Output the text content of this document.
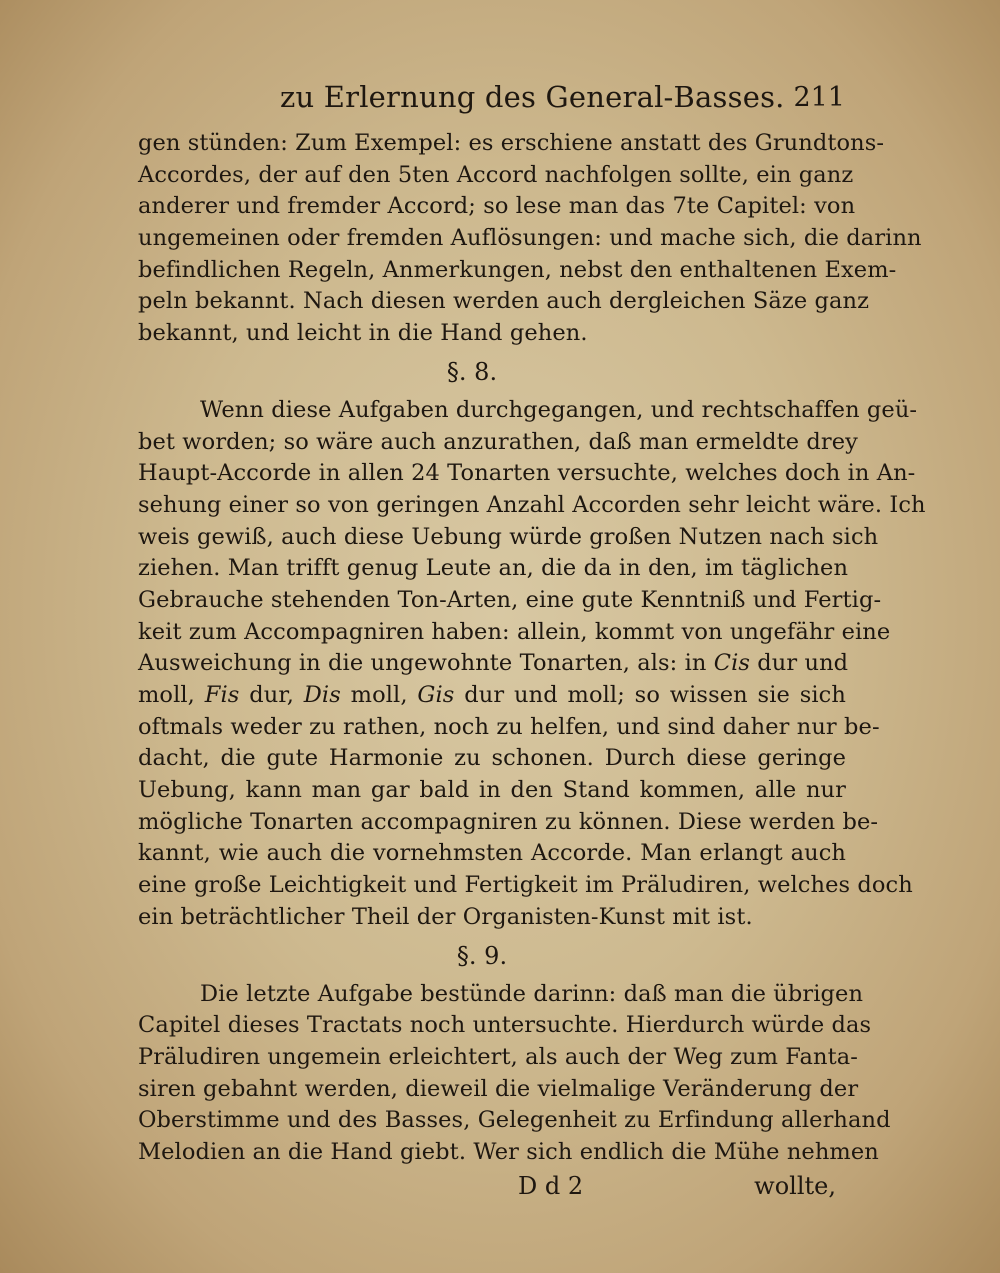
zu Erlernung des General-Basses. 211
gen stünden: Zum Exempel: es erschiene anstatt des Grundtons-
Accordes, der auf den 5ten Accord nachfolgen sollte, ein ganz
anderer und fremder Accord; so lese man das 7te Capitel: von
ungemeinen oder fremden Auflösungen: und mache sich, die darinn
befindlichen Regeln, Anmerkungen, nebst den enthaltenen Exem-
peln bekannt. Nach diesen werden auch dergleichen Säze ganz
bekannt, und leicht in die Hand gehen.
§. 8.
Wenn diese Aufgaben durchgegangen, und rechtschaffen geü-
bet worden; so wäre auch anzurathen, daß man ermeldte drey
Haupt-Accorde in allen 24 Tonarten versuchte, welches doch in An-
sehung einer so von geringen Anzahl Accorden sehr leicht wäre. Ich
weis gewiß, auch diese Uebung würde großen Nutzen nach sich
ziehen. Man trifft genug Leute an, die da in den, im täglichen
Gebrauche stehenden Ton-Arten, eine gute Kenntniß und Fertig-
keit zum Accompagniren haben: allein, kommt von ungefähr eine
Ausweichung in die ungewohnte Tonarten, als: in Cis dur und
moll, Fis dur, Dis moll, Gis dur und moll; so wissen sie sich
oftmals weder zu rathen, noch zu helfen, und sind daher nur be-
dacht, die gute Harmonie zu schonen. Durch diese geringe
Uebung, kann man gar bald in den Stand kommen, alle nur
mögliche Tonarten accompagniren zu können. Diese werden be-
kannt, wie auch die vornehmsten Accorde. Man erlangt auch
eine große Leichtigkeit und Fertigkeit im Präludiren, welches doch
ein beträchtlicher Theil der Organisten-Kunst mit ist.
§. 9.
Die letzte Aufgabe bestünde darinn: daß man die übrigen
Capitel dieses Tractats noch untersuchte. Hierdurch würde das
Präludiren ungemein erleichtert, als auch der Weg zum Fanta-
siren gebahnt werden, dieweil die vielmalige Veränderung der
Oberstimme und des Basses, Gelegenheit zu Erfindung allerhand
Melodien an die Hand giebt. Wer sich endlich die Mühe nehmen
D d 2	wollte,
